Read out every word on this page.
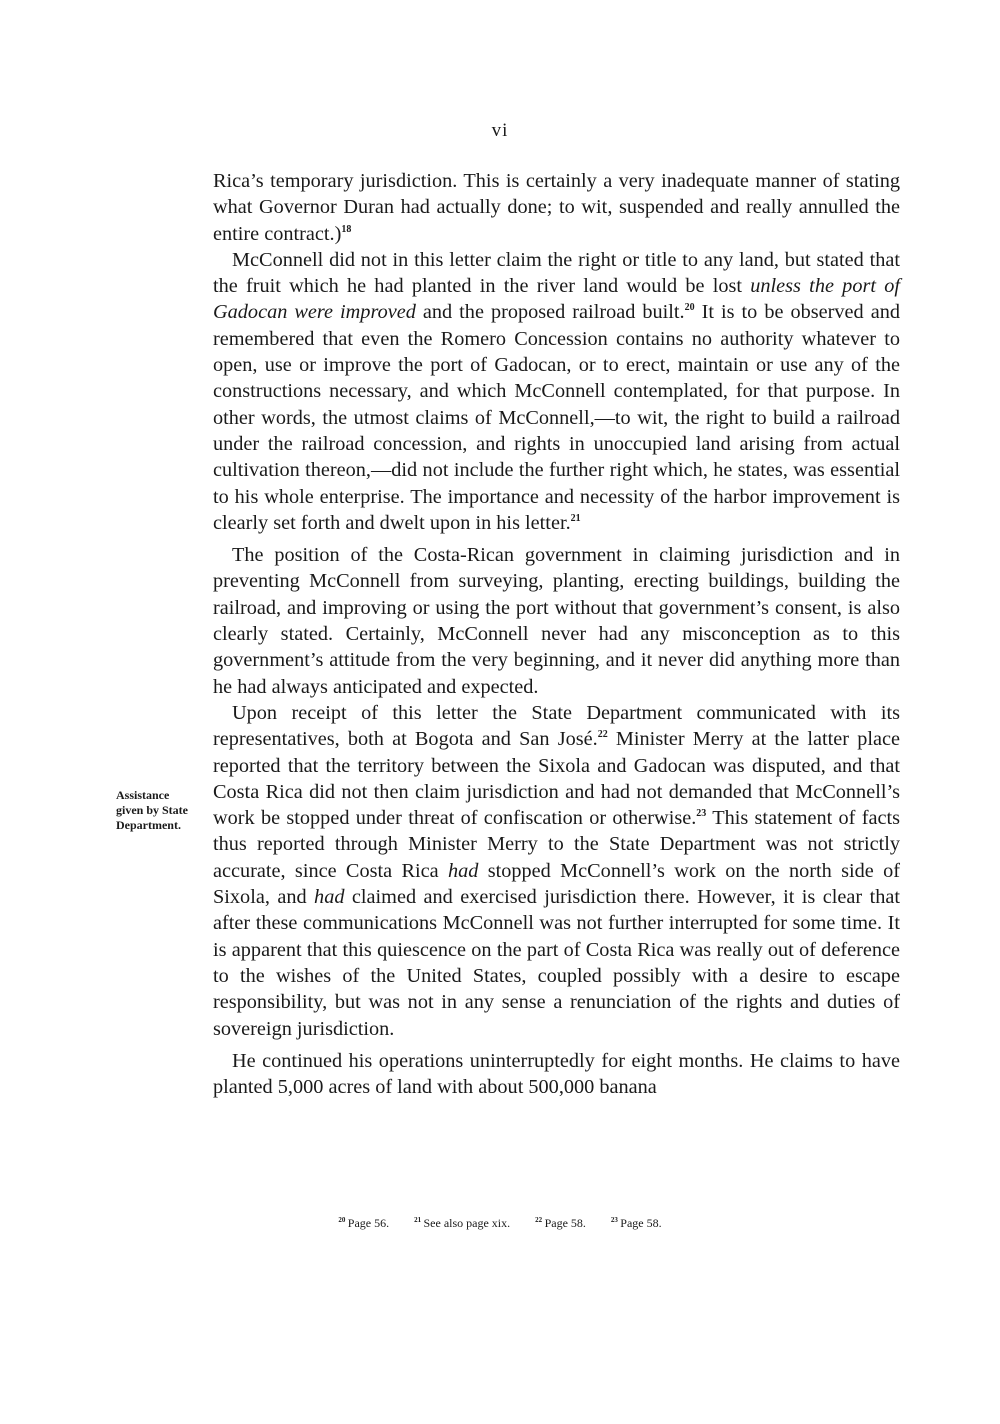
vi
Assistance
given by State
Department.

Rica’s temporary jurisdiction. This is certainly a very inadequate manner of stating what Governor Duran had actually done; to wit, suspended and really annulled the entire contract.)$^{18}$

McConnell did not in this letter claim the right or title to any land, but stated that the fruit which he had planted in the river land would be lost unless the port of Gadocan were improved and the proposed railroad built.$^{20}$ It is to be observed and remembered that even the Romero Concession contains no authority whatever to open, use or improve the port of Gadocan, or to erect, maintain or use any of the constructions necessary, and which McConnell contemplated, for that purpose. In other words, the utmost claims of McConnell,—to wit, the right to build a railroad under the railroad concession, and rights in unoccupied land arising from actual cultivation thereon,—did not include the further right which, he states, was essential to his whole enterprise. The importance and necessity of the harbor improvement is clearly set forth and dwelt upon in his letter.$^{21}$

The position of the Costa-Rican government in claiming jurisdiction and in preventing McConnell from surveying, planting, erecting buildings, building the railroad, and improving or using the port without that government’s consent, is also clearly stated. Certainly, McConnell never had any misconception as to this government’s attitude from the very beginning, and it never did anything more than he had always anticipated and expected.

Upon receipt of this letter the State Department communicated with its representatives, both at Bogota and San José.$^{22}$ Minister Merry at the latter place reported that the territory between the Sixola and Gadocan was disputed, and that Costa Rica did not then claim jurisdiction and had not demanded that McConnell’s work be stopped under threat of confiscation or otherwise.$^{23}$ This statement of facts thus reported through Minister Merry to the State Department was not strictly accurate, since Costa Rica had stopped McConnell’s work on the north side of Sixola, and had claimed and exercised jurisdiction there. However, it is clear that after these communications McConnell was not further interrupted for some time. It is apparent that this quiescence on the part of Costa Rica was really out of deference to the wishes of the United States, coupled possibly with a desire to escape responsibility, but was not in any sense a renunciation of the rights and duties of sovereign jurisdiction.

He continued his operations uninterruptedly for eight months. He claims to have planted 5,000 acres of land with about 500,000 banana

$^{20}$  Page 56.	$^{21}$  See also page xix.	$^{22}$  Page 58.	$^{23}$  Page 58.
